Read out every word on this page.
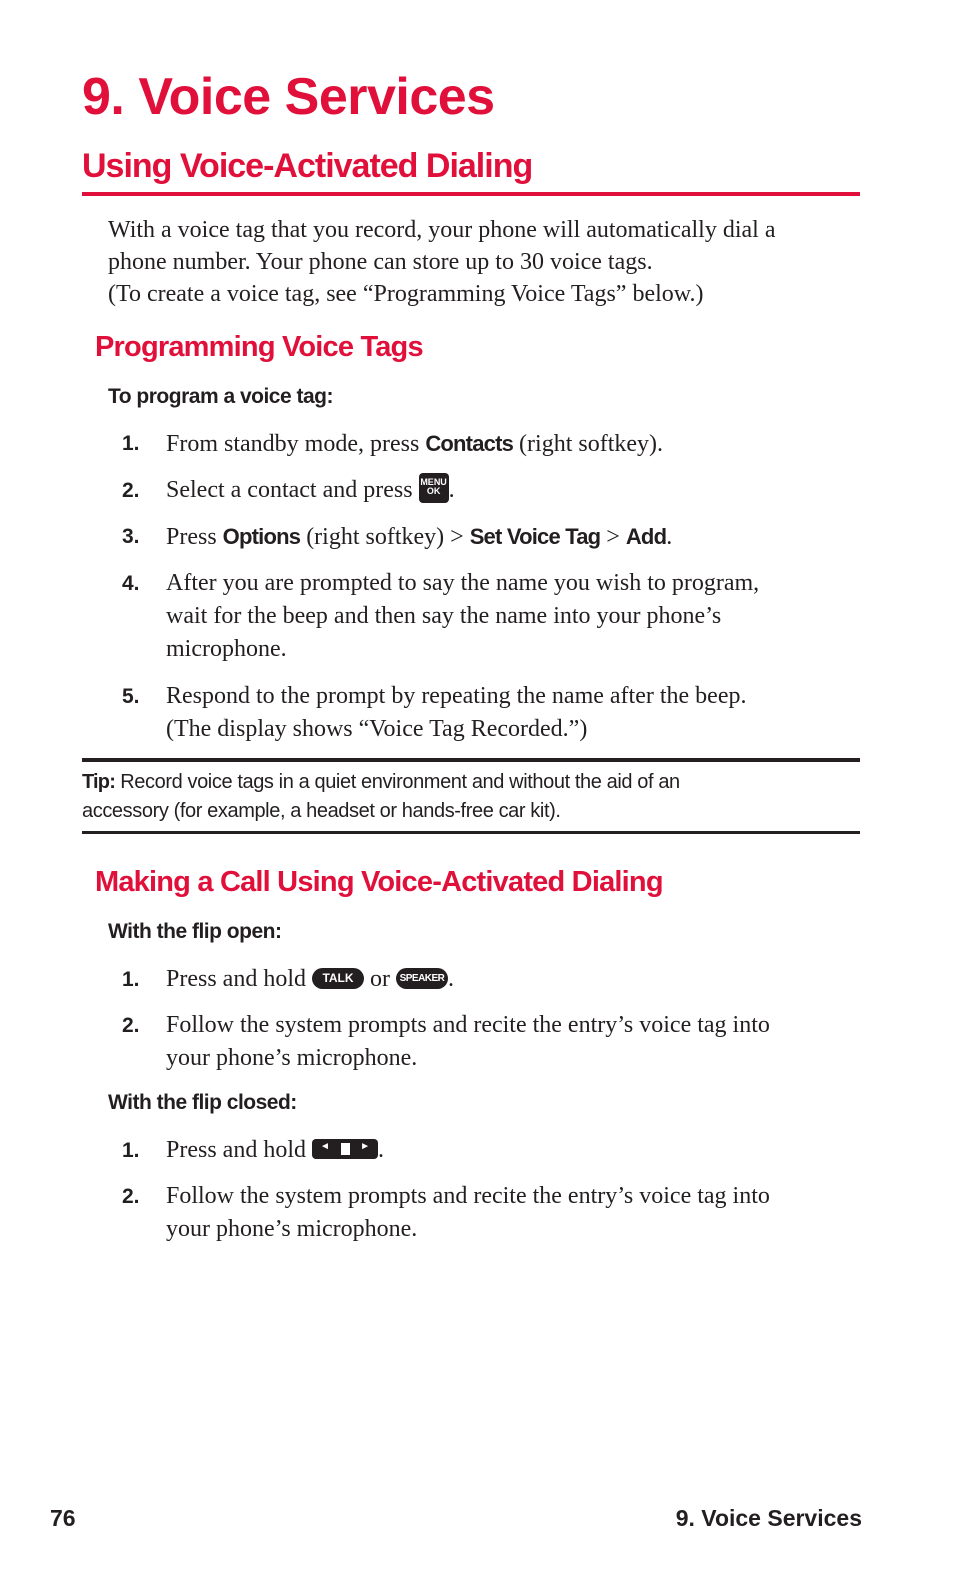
9. Voice Services
Using Voice-Activated Dialing

With a voice tag that you record, your phone will automatically dial a
phone number. Your phone can store up to 30 voice tags.
(To create a voice tag, see “Programming Voice Tags” below.)

Programming Voice Tags
To program a voice tag:
1. From standby mode, press Contacts (right softkey).
2. Select a contact and press MENU
OK .
3. Press Options (right softkey) > Set Voice Tag > Add.
4. After you are prompted to say the name you wish to program,
wait for the beep and then say the name into your phone’s
microphone.
5. Respond to the prompt by repeating the name after the beep.
(The display shows “Voice Tag Recorded.”)
Tip: Record voice tags in a quiet environment and without the aid of an
accessory (for example, a headset or hands-free car kit).
Making a Call Using Voice-Activated Dialing
With the flip open:
1. Press and hold TALK or SPEAKER .
2. Follow the system prompts and recite the entry’s voice tag into
your phone’s microphone.
With the flip closed:
1. Press and hold ◄	► .
2. Follow the system prompts and recite the entry’s voice tag into
your phone’s microphone.
76	9. Voice Services
